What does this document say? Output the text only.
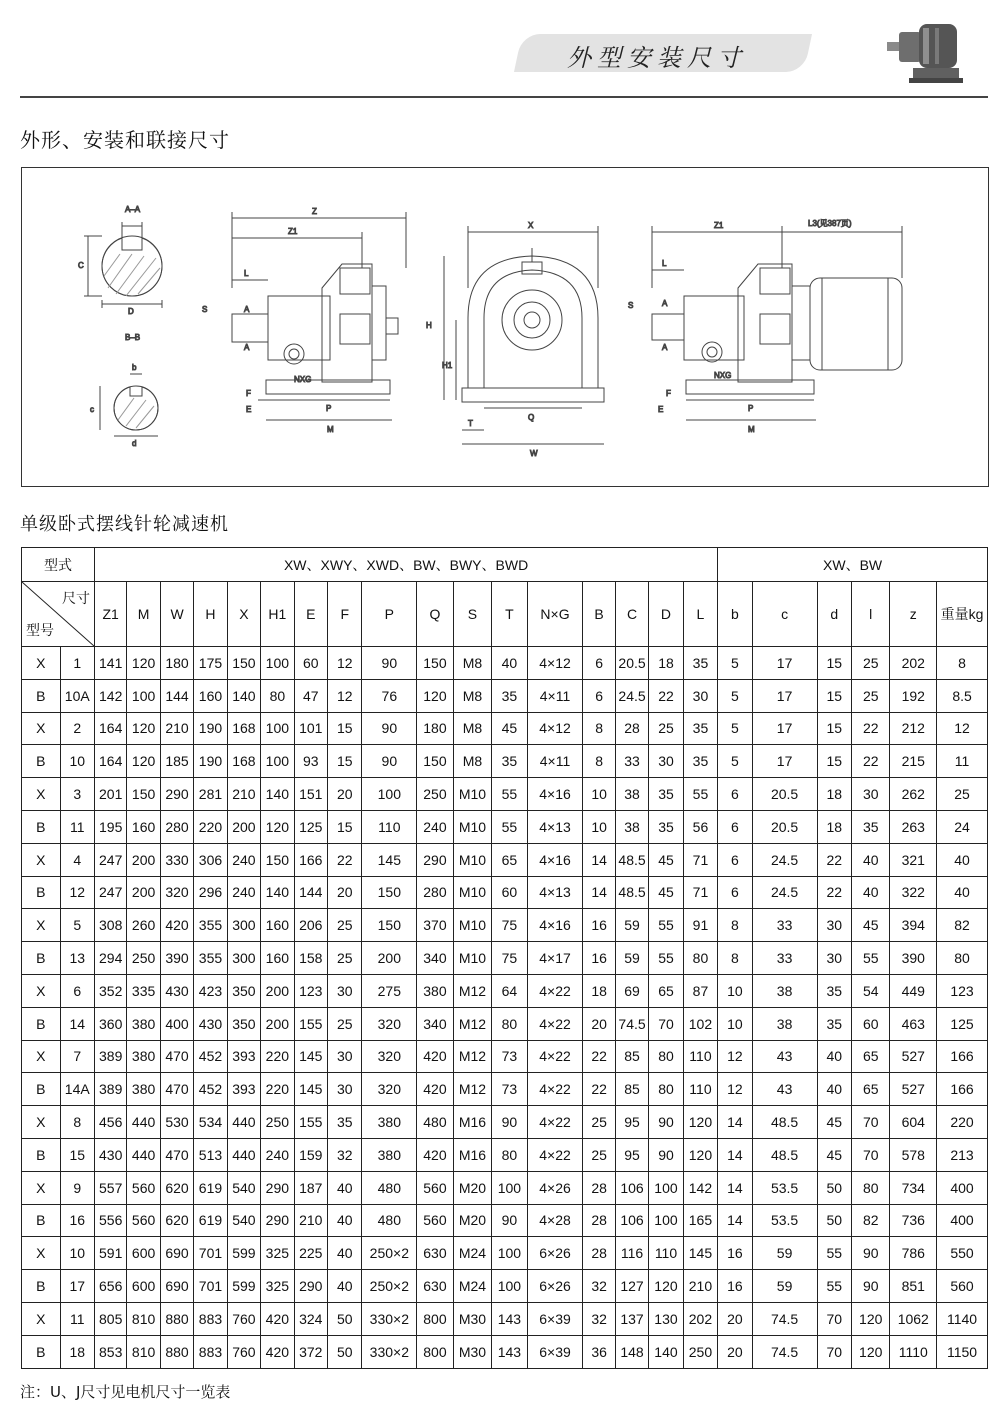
外型安装尺寸
外形、安装和联接尺寸
A–A
C
D
B–B
b
c
d
Z
Z1
L
P
M
S	A
A
NXG
F
E
X
H
H1
Q
T
W
Z1	L3(见387页)
L
P
M
S	A
A
NXG
F
E
单级卧式摆线针轮减速机
型式		XW、XWY、XWD、BW、BWY、BWD																	XW、BW					

尺寸
型号		Z1	M	W	H	X	H1	E	F	P	Q	S	T	N×G	B	C	D	L	b	c	d	l	z	重量kg
X	1	141	120	180	175	150	100	60	12	90	150	M8	40	4×12	6	20.5	18	35	5	17	15	25	202	8
B	10A	142	100	144	160	140	80	47	12	76	120	M8	35	4×11	6	24.5	22	30	5	17	15	25	192	8.5
X	2	164	120	210	190	168	100	101	15	90	180	M8	45	4×12	8	28	25	35	5	17	15	22	212	12
B	10	164	120	185	190	168	100	93	15	90	150	M8	35	4×11	8	33	30	35	5	17	15	22	215	11
X	3	201	150	290	281	210	140	151	20	100	250	M10	55	4×16	10	38	35	55	6	20.5	18	30	262	25
B	11	195	160	280	220	200	120	125	15	110	240	M10	55	4×13	10	38	35	56	6	20.5	18	35	263	24
X	4	247	200	330	306	240	150	166	22	145	290	M10	65	4×16	14	48.5	45	71	6	24.5	22	40	321	40
B	12	247	200	320	296	240	140	144	20	150	280	M10	60	4×13	14	48.5	45	71	6	24.5	22	40	322	40
X	5	308	260	420	355	300	160	206	25	150	370	M10	75	4×16	16	59	55	91	8	33	30	45	394	82
B	13	294	250	390	355	300	160	158	25	200	340	M10	75	4×17	16	59	55	80	8	33	30	55	390	80
X	6	352	335	430	423	350	200	123	30	275	380	M12	64	4×22	18	69	65	87	10	38	35	54	449	123
B	14	360	380	400	430	350	200	155	25	320	340	M12	80	4×22	20	74.5	70	102	10	38	35	60	463	125
X	7	389	380	470	452	393	220	145	30	320	420	M12	73	4×22	22	85	80	110	12	43	40	65	527	166
B	14A	389	380	470	452	393	220	145	30	320	420	M12	73	4×22	22	85	80	110	12	43	40	65	527	166
X	8	456	440	530	534	440	250	155	35	380	480	M16	90	4×22	25	95	90	120	14	48.5	45	70	604	220
B	15	430	440	470	513	440	240	159	32	380	420	M16	80	4×22	25	95	90	120	14	48.5	45	70	578	213
X	9	557	560	620	619	540	290	187	40	480	560	M20	100	4×26	28	106	100	142	14	53.5	50	80	734	400
B	16	556	560	620	619	540	290	210	40	480	560	M20	90	4×28	28	106	100	165	14	53.5	50	82	736	400
X	10	591	600	690	701	599	325	225	40	250×2	630	M24	100	6×26	28	116	110	145	16	59	55	90	786	550
B	17	656	600	690	701	599	325	290	40	250×2	630	M24	100	6×26	32	127	120	210	16	59	55	90	851	560
X	11	805	810	880	883	760	420	324	50	330×2	800	M30	143	6×39	32	137	130	202	20	74.5	70	120	1062	1140
B	18	853	810	880	883	760	420	372	50	330×2	800	M30	143	6×39	36	148	140	250	20	74.5	70	120	1110	1150
注：U、J尺寸见电机尺寸一览表
